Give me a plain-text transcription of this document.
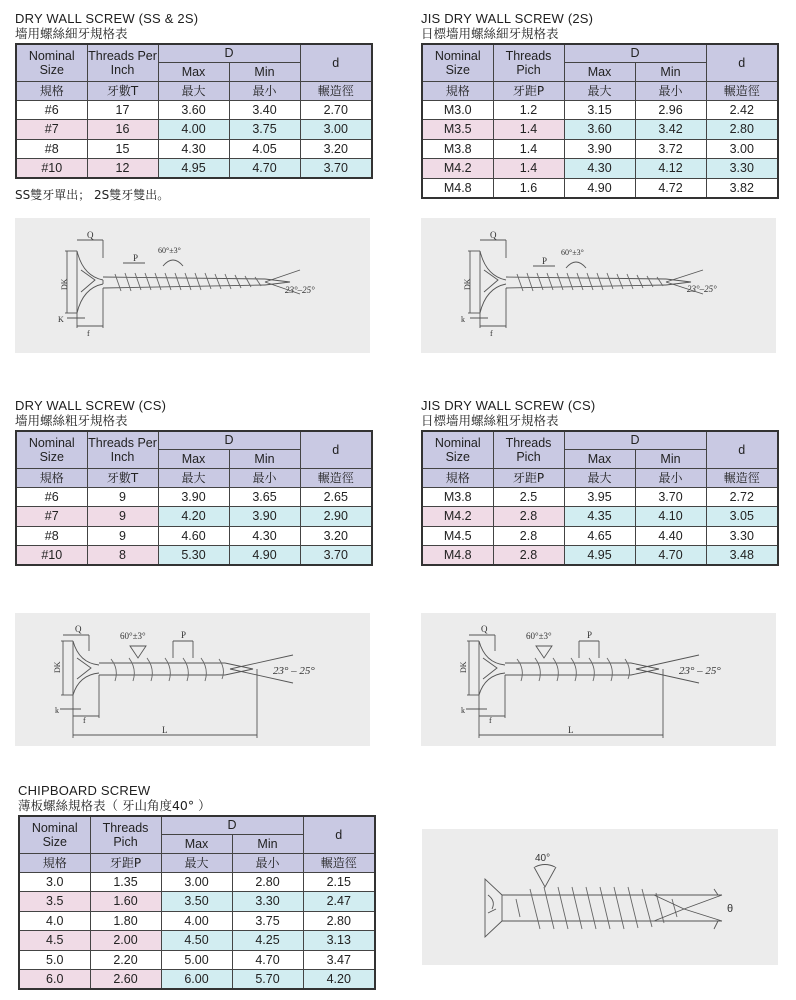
DRY WALL SCREW (SS & 2S)
墻用螺絲細牙規格表
Nominal
Size	Threads Per
Inch	D		d
		Max	Min	
規格	牙數T	最大	最小	輾造徑
#6	17	3.60	3.40	2.70
#7	16	4.00	3.75	3.00
#8	15	4.30	4.05	3.20
#10	12	4.95	4.70	3.70
SS雙牙單出； 2S雙牙雙出。
JIS DRY WALL SCREW (2S)
日標墻用螺絲細牙規格表
Nominal
Size	Threads
Pich	D		d
		Max	Min	
規格	牙距P	最大	最小	輾造徑
M3.0	1.2	3.15	2.96	2.42
M3.5	1.4	3.60	3.42	2.80
M3.8	1.4	3.90	3.72	3.00
M4.2	1.4	4.30	4.12	3.30
M4.8	1.6	4.90	4.72	3.82
Q
P
60°±3°
23°–25°
DK
K
f
Q
P
60°±3°
23°–25°
DK
k
f
DRY WALL SCREW (CS)
墻用螺絲粗牙規格表
Nominal
Size	Threads Per
Inch	D		d
		Max	Min	
規格	牙數T	最大	最小	輾造徑
#6	9	3.90	3.65	2.65
#7	9	4.20	3.90	2.90
#8	9	4.60	4.30	3.20
#10	8	5.30	4.90	3.70
JIS DRY WALL SCREW (CS)
日標墻用螺絲粗牙規格表
Nominal
Size	Threads
Pich	D		d
		Max	Min	
規格	牙距P	最大	最小	輾造徑
M3.8	2.5	3.95	3.70	2.72
M4.2	2.8	4.35	4.10	3.05
M4.5	2.8	4.65	4.40	3.30
M4.8	2.8	4.95	4.70	3.48
Q
P
60°±3°
23° – 25°
DK
k
f
L
Q
P
60°±3°
23° – 25°
DK
k
f
L
CHIPBOARD SCREW
薄板螺絲規格表（ 牙山角度40° ）
Nominal
Size	Threads
Pich	D		d
		Max	Min	
規格	牙距P	最大	最小	輾造徑
3.0	1.35	3.00	2.80	2.15
3.5	1.60	3.50	3.30	2.47
4.0	1.80	4.00	3.75	2.80
4.5	2.00	4.50	4.25	3.13
5.0	2.20	5.00	4.70	3.47
6.0	2.60	6.00	5.70	4.20
40°
θ
